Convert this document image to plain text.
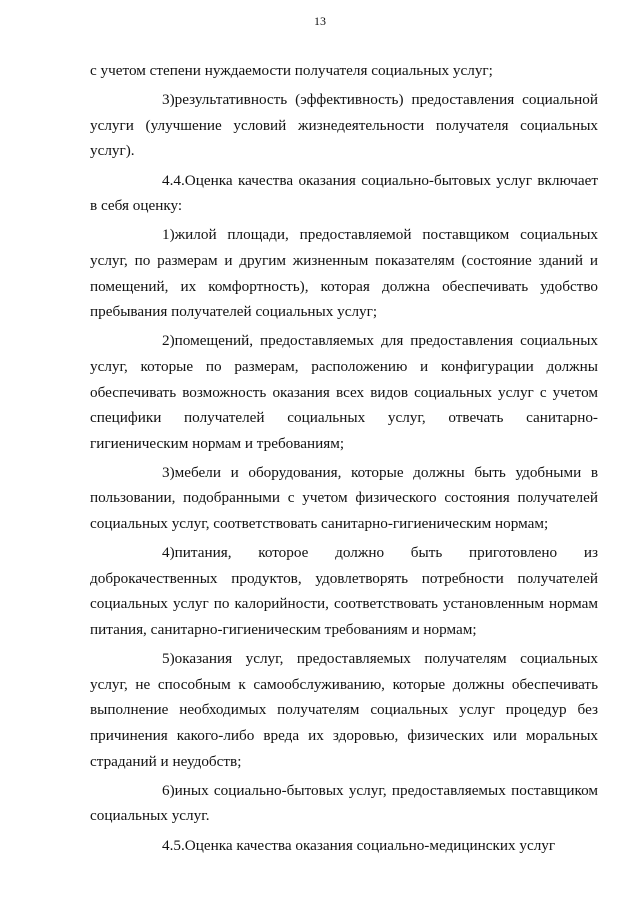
13

с учетом степени нуждаемости получателя социальных услуг;

3)результативность (эффективность) предоставления социальной услуги (улучшение условий жизнедеятельности получателя социальных услуг).

4.4.Оценка качества оказания социально-бытовых услуг включает в себя оценку:

1)жилой площади, предоставляемой поставщиком социальных услуг, по размерам и другим жизненным показателям (состояние зданий и помещений, их комфортность), которая должна обеспечивать удобство пребывания получателей социальных услуг;

2)помещений, предоставляемых для предоставления социальных услуг, которые по размерам, расположению и конфигурации должны обеспечивать возможность оказания всех видов социальных услуг с учетом специфики получателей социальных услуг, отвечать санитарно-гигиеническим нормам и требованиям;

3)мебели и оборудования, которые должны быть удобными в пользовании, подобранными с учетом физического состояния получателей социальных услуг, соответствовать санитарно-гигиеническим нормам;

4)питания, которое должно быть приготовлено из доброкачественных продуктов, удовлетворять потребности получателей социальных услуг по калорийности, соответствовать установленным нормам питания, санитарно-гигиеническим требованиям и нормам;

5)оказания услуг, предоставляемых получателям социальных услуг, не способным к самообслуживанию, которые должны обеспечивать выполнение необходимых получателям социальных услуг процедур без причинения какого-либо вреда их здоровью, физических или моральных страданий и неудобств;

6)иных социально-бытовых услуг, предоставляемых поставщиком социальных услуг.

4.5.Оценка качества оказания социально-медицинских услуг
